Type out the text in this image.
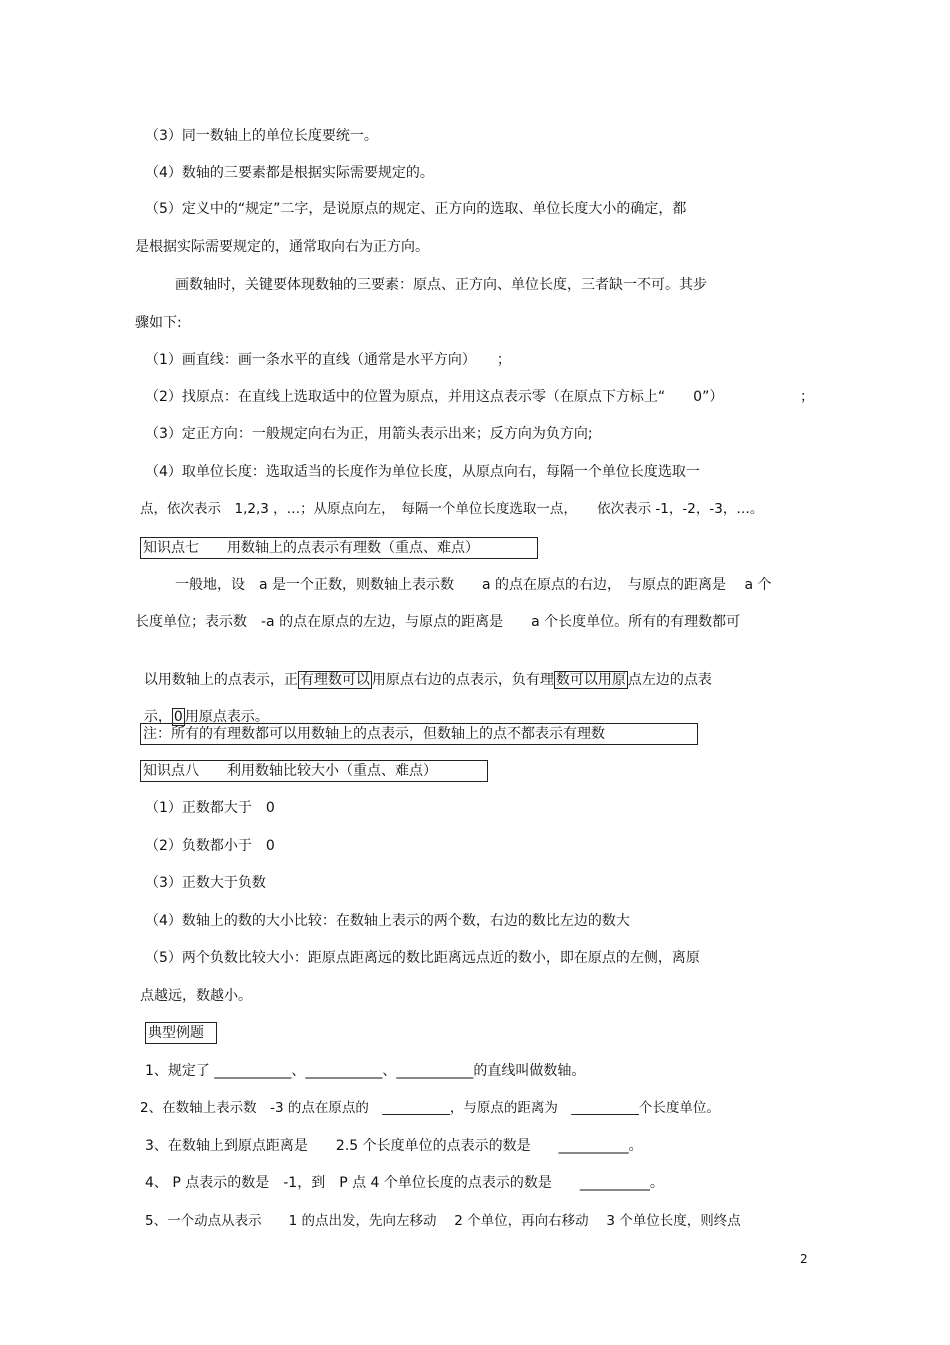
（3）同一数轴上的单位长度要统一。
（4）数轴的三要素都是根据实际需要规定的。
（5）定义中的“规定”二字，是说原点的规定、正方向的选取、单位长度大小的确定，都
是根据实际需要规定的，通常取向右为正方向。
画数轴时，关键要体现数轴的三要素：原点、正方向、单位长度，三者缺一不可。其步
骤如下:
（1）画直线：画一条水平的直线（通常是水平方向）　　；
（2）找原点：在直线上选取适中的位置为原点，并用这点表示零（在原点下方标上“　　0”）	；
（3）定正方向：一般规定向右为正，用箭头表示出来；反方向为负方向;
（4）取单位长度：选取适当的长度作为单位长度，从原点向右，每隔一个单位长度选取一
点，依次表示　1,2,3 ，…；从原点向左，　每隔一个单位长度选取一点，　　依次表示 -1，-2，-3，…。
知识点七　　用数轴上的点表示有理数（重点、难点）
一般地，设　a 是一个正数，则数轴上表示数　　a 的点在原点的右边，　与原点的距离是　 a 个
长度单位；表示数　-a 的点在原点的左边，与原点的距离是　　a 个长度单位。所有的有理数都可

以用数轴上的点表示，正 有理数可以 用原点右边的点表示，负有理 数可以用原 点左边的点表

示， 0 用原点表示。

注：所有的有理数都可以用数轴上的点表示，但数轴上的点不都表示有理数
知识点八　　利用数轴比较大小（重点、难点）
（1）正数都大于　0
（2）负数都小于　0
（3）正数大于负数
（4）数轴上的数的大小比较：在数轴上表示的两个数，右边的数比左边的数大
（5）两个负数比较大小：距原点距离远的数比距离远点近的数小，即在原点的左侧，离原
点越远，数越小。
典型例题
1、规定了 ___________、___________、___________的直线叫做数轴。
2、在数轴上表示数　-3 的点在原点的　__________，与原点的距离为　__________个长度单位。
3、在数轴上到原点距离是　　2.5 个长度单位的点表示的数是　　__________。
4、 P 点表示的数是　-1，到　P 点 4 个单位长度的点表示的数是　　__________。
5、一个动点从表示　　1 的点出发，先向左移动　 2 个单位，再向右移动　 3 个单位长度，则终点
2
